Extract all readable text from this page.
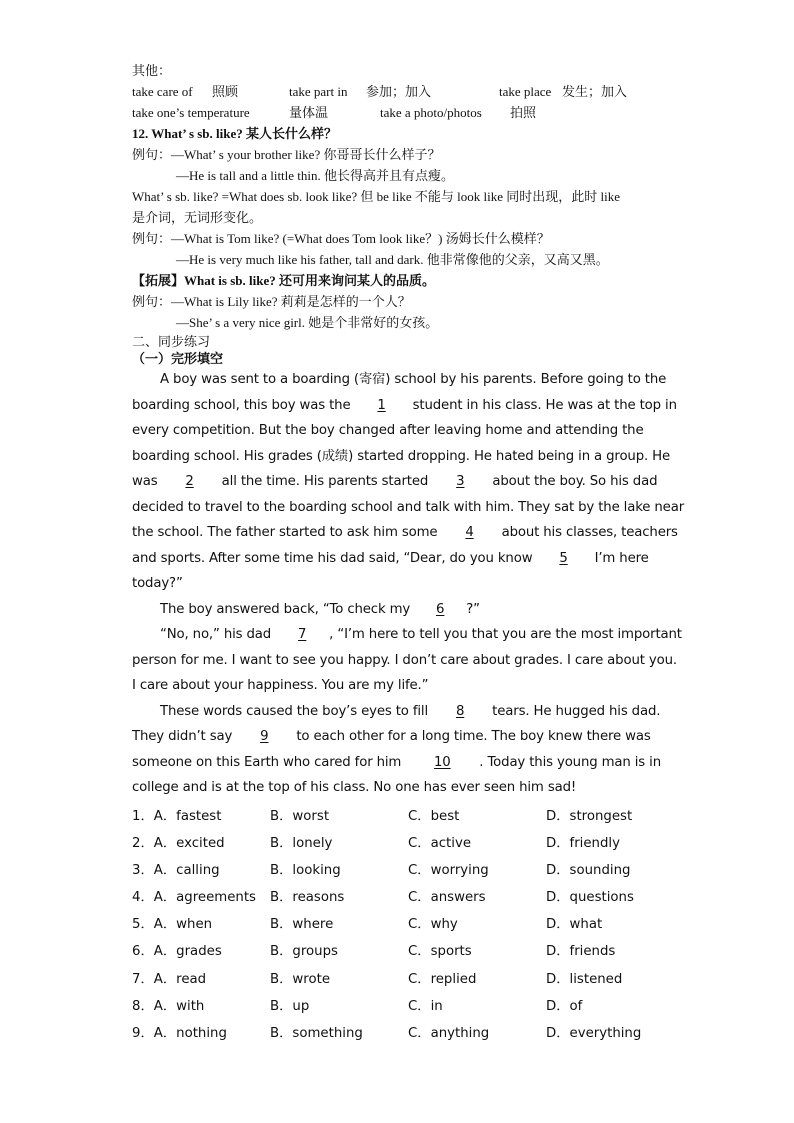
其他：
take care of 照顾	take part in 参加；加入	take place 发生；加入
take one’s temperature	量体温	take a photo/photos 拍照
12. What’ s sb. like? 某人长什么样？
例句：—What’ s your brother like? 你哥哥长什么样子？
—He is tall and a little thin. 他长得高并且有点瘦。
What’ s sb. like? =What does sb. look like? 但 be like 不能与 look like 同时出现，此时 like
是介词，无词形变化。
例句：—What is Tom like? (=What does Tom look like？) 汤姆长什么模样？
—He is very much like his father, tall and dark. 他非常像他的父亲，又高又黑。
【拓展】What is sb. like? 还可用来询问某人的品质。
例句：—What is Lily like? 莉莉是怎样的一个人？
—She’ s a very nice girl. 她是个非常好的女孩。
二、同步练习
（一）完形填空

A boy was sent to a boarding (寄宿) school by his parents. Before going to the

boarding school, this boy was the 1 student in his class. He was at the top in

every competition. But the boy changed after leaving home and attending the

boarding school. His grades (成绩) started dropping. He hated being in a group. He

was 2 all the time. His parents started 3 about the boy. So his dad

decided to travel to the boarding school and talk with him. They sat by the lake near

the school. The father started to ask him some 4 about his classes, teachers

and sports. After some time his dad said, “Dear, do you know 5 I’m here

today?”

The boy answered back, “To check my 6 ?”

“No, no,” his dad 7 , “I’m here to tell you that you are the most important

person for me. I want to see you happy. I don’t care about grades. I care about you.

I care about your happiness. You are my life.”

These words caused the boy’s eyes to fill 8 tears. He hugged his dad.

They didn’t say 9 to each other for a long time. The boy knew there was

someone on this Earth who cared for him 10 . Today this young man is in

college and is at the top of his class. No one has ever seen him sad!

1．A．fastest	B．worst	C．best	D．strongest
2．A．excited	B．lonely	C．active	D．friendly
3．A．calling	B．looking	C．worrying	D．sounding
4．A．agreements B．reasons	C．answers	D．questions
5．A．when	B．where	C．why	D．what
6．A．grades	B．groups	C．sports	D．friends
7．A．read	B．wrote	C．replied	D．listened
8．A．with	B．up	C．in	D．of
9．A．nothing	B．something	C．anything	D．everything
